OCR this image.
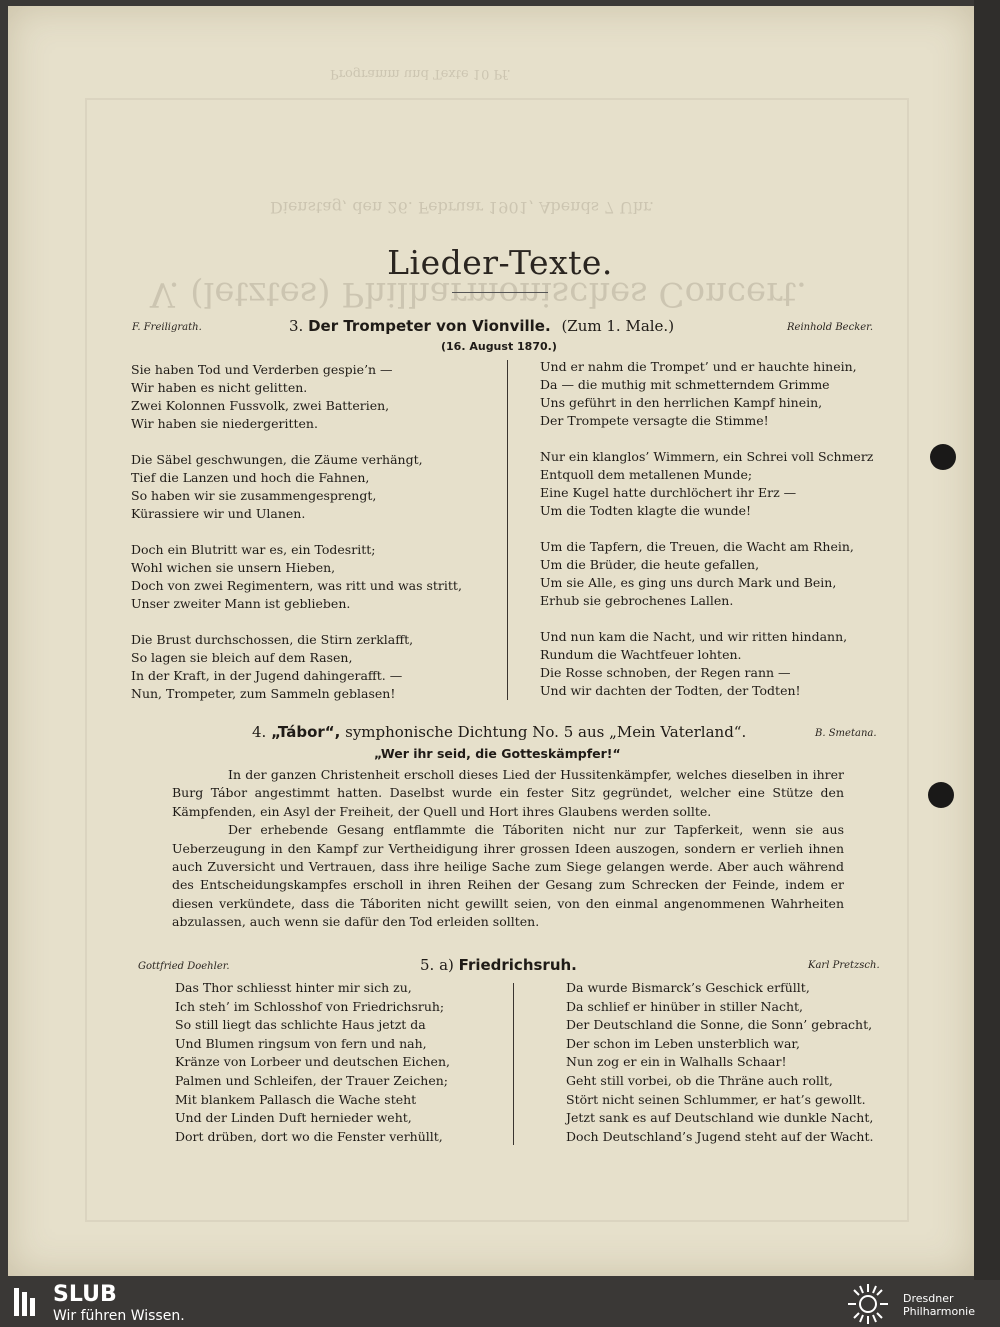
Programm und Texte 10 Pf.
Dienstag, den 26. Februar 1901, Abends 7 Uhr.
V. (letztes) Philharmonisches Concert.
Lieder-Texte.
F. Freiligrath.	3. Der Trompeter von Vionville. (Zum 1. Male.)	Reinhold Becker.
(16. August 1870.)
Sie haben Tod und Verderben gespie’n —
Wir haben es nicht gelitten.
Zwei Kolonnen Fussvolk, zwei Batterien,
Wir haben sie niedergeritten.
Die Säbel geschwungen, die Zäume verhängt,
Tief die Lanzen und hoch die Fahnen,
So haben wir sie zusammengesprengt,
Kürassiere wir und Ulanen.
Doch ein Blutritt war es, ein Todesritt;
Wohl wichen sie unsern Hieben,
Doch von zwei Regimentern, was ritt und was stritt,
Unser zweiter Mann ist geblieben.
Die Brust durchschossen, die Stirn zerklafft,
So lagen sie bleich auf dem Rasen,
In der Kraft, in der Jugend dahingerafft. —
Nun, Trompeter, zum Sammeln geblasen!
Und er nahm die Trompet’ und er hauchte hinein,
Da — die muthig mit schmetterndem Grimme
Uns geführt in den herrlichen Kampf hinein,
Der Trompete versagte die Stimme!
Nur ein klanglos’ Wimmern, ein Schrei voll Schmerz
Entquoll dem metallenen Munde;
Eine Kugel hatte durchlöchert ihr Erz —
Um die Todten klagte die wunde!
Um die Tapfern, die Treuen, die Wacht am Rhein,
Um die Brüder, die heute gefallen,
Um sie Alle, es ging uns durch Mark und Bein,
Erhub sie gebrochenes Lallen.
Und nun kam die Nacht, und wir ritten hindann,
Rundum die Wachtfeuer lohten.
Die Rosse schnoben, der Regen rann —
Und wir dachten der Todten, der Todten!
4. „Tábor“, symphonische Dichtung No. 5 aus „Mein Vaterland“.	B. Smetana.
„Wer ihr seid, die Gotteskämpfer!“

In der ganzen Christenheit erscholl dieses Lied der Hussitenkämpfer, welches dieselben in ihrer Burg Tábor angestimmt hatten. Daselbst wurde ein fester Sitz gegründet, welcher eine Stütze den Kämpfenden, ein Asyl der Freiheit, der Quell und Hort ihres Glaubens werden sollte.

Der erhebende Gesang entflammte die Táboriten nicht nur zur Tapferkeit, wenn sie aus Ueberzeugung in den Kampf zur Vertheidigung ihrer grossen Ideen auszogen, sondern er verlieh ihnen auch Zuversicht und Vertrauen, dass ihre heilige Sache zum Siege gelangen werde. Aber auch während des Entscheidungskampfes erscholl in ihren Reihen der Gesang zum Schrecken der Feinde, indem er diesen verkündete, dass die Táboriten nicht gewillt seien, von den einmal angenommenen Wahrheiten abzulassen, auch wenn sie dafür den Tod erleiden sollten.

Gottfried Doehler.	5. a) Friedrichsruh.	Karl Pretzsch.
Das Thor schliesst hinter mir sich zu,
Ich steh’ im Schlosshof von Friedrichsruh;
So still liegt das schlichte Haus jetzt da
Und Blumen ringsum von fern und nah,
Kränze von Lorbeer und deutschen Eichen,
Palmen und Schleifen, der Trauer Zeichen;
Mit blankem Pallasch die Wache steht
Und der Linden Duft hernieder weht,
Dort drüben, dort wo die Fenster verhüllt,
Da wurde Bismarck’s Geschick erfüllt,
Da schlief er hinüber in stiller Nacht,
Der Deutschland die Sonne, die Sonn’ gebracht,
Der schon im Leben unsterblich war,
Nun zog er ein in Walhalls Schaar!
Geht still vorbei, ob die Thräne auch rollt,
Stört nicht seinen Schlummer, er hat’s gewollt.
Jetzt sank es auf Deutschland wie dunkle Nacht,
Doch Deutschland’s Jugend steht auf der Wacht.
SLUB
Wir führen Wissen.
Dresdner
Philharmonie
